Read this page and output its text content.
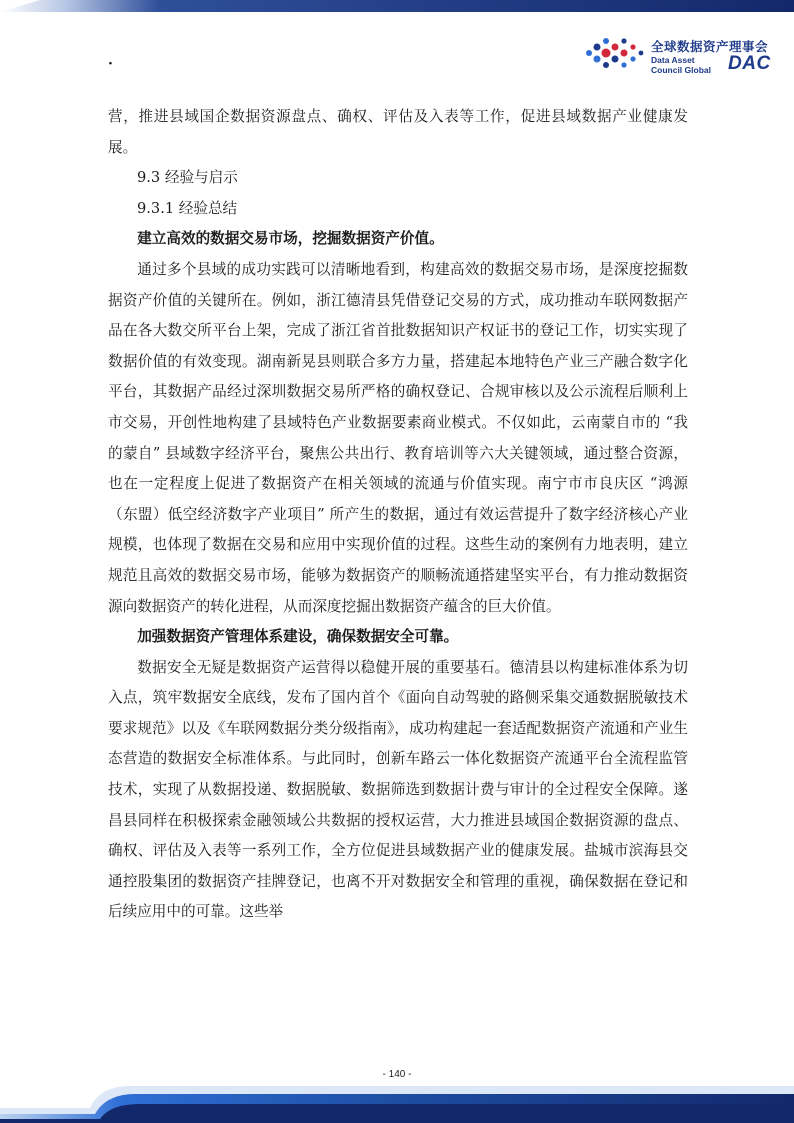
·
全球数据资产理事会
Data Asset
Council Global DAC

营，推进县域国企数据资源盘点、确权、评估及入表等工作，促进县域数据产业健康发展。

9.3 经验与启示

9.3.1 经验总结

建立高效的数据交易市场，挖掘数据资产价值。

通过多个县域的成功实践可以清晰地看到，构建高效的数据交易市场，是深度挖掘数据资产价值的关键所在。例如，浙江德清县凭借登记交易的方式，成功推动车联网数据产品在各大数交所平台上架，完成了浙江省首批数据知识产权证书的登记工作，切实实现了数据价值的有效变现。湖南新晃县则联合多方力量，搭建起本地特色产业三产融合数字化平台，其数据产品经过深圳数据交易所严格的确权登记、合规审核以及公示流程后顺利上市交易，开创性地构建了县域特色产业数据要素商业模式。不仅如此，云南蒙自市的 “我的蒙自” 县域数字经济平台，聚焦公共出行、教育培训等六大关键领域，通过整合资源，也在一定程度上促进了数据资产在相关领域的流通与价值实现。南宁市市良庆区 “鸿源（东盟）低空经济数字产业项目” 所产生的数据，通过有效运营提升了数字经济核心产业规模，也体现了数据在交易和应用中实现价值的过程。这些生动的案例有力地表明，建立规范且高效的数据交易市场，能够为数据资产的顺畅流通搭建坚实平台，有力推动数据资源向数据资产的转化进程，从而深度挖掘出数据资产蕴含的巨大价值。

加强数据资产管理体系建设，确保数据安全可靠。

数据安全无疑是数据资产运营得以稳健开展的重要基石。德清县以构建标准体系为切入点，筑牢数据安全底线，发布了国内首个《面向自动驾驶的路侧采集交通数据脱敏技术要求规范》以及《车联网数据分类分级指南》，成功构建起一套适配数据资产流通和产业生态营造的数据安全标准体系。与此同时，创新车路云一体化数据资产流通平台全流程监管技术，实现了从数据投递、数据脱敏、数据筛选到数据计费与审计的全过程安全保障。遂昌县同样在积极探索金融领域公共数据的授权运营，大力推进县域国企数据资源的盘点、确权、评估及入表等一系列工作，全方位促进县域数据产业的健康发展。盐城市滨海县交通控股集团的数据资产挂牌登记，也离不开对数据安全和管理的重视，确保数据在登记和后续应用中的可靠。这些举

- 140 -
